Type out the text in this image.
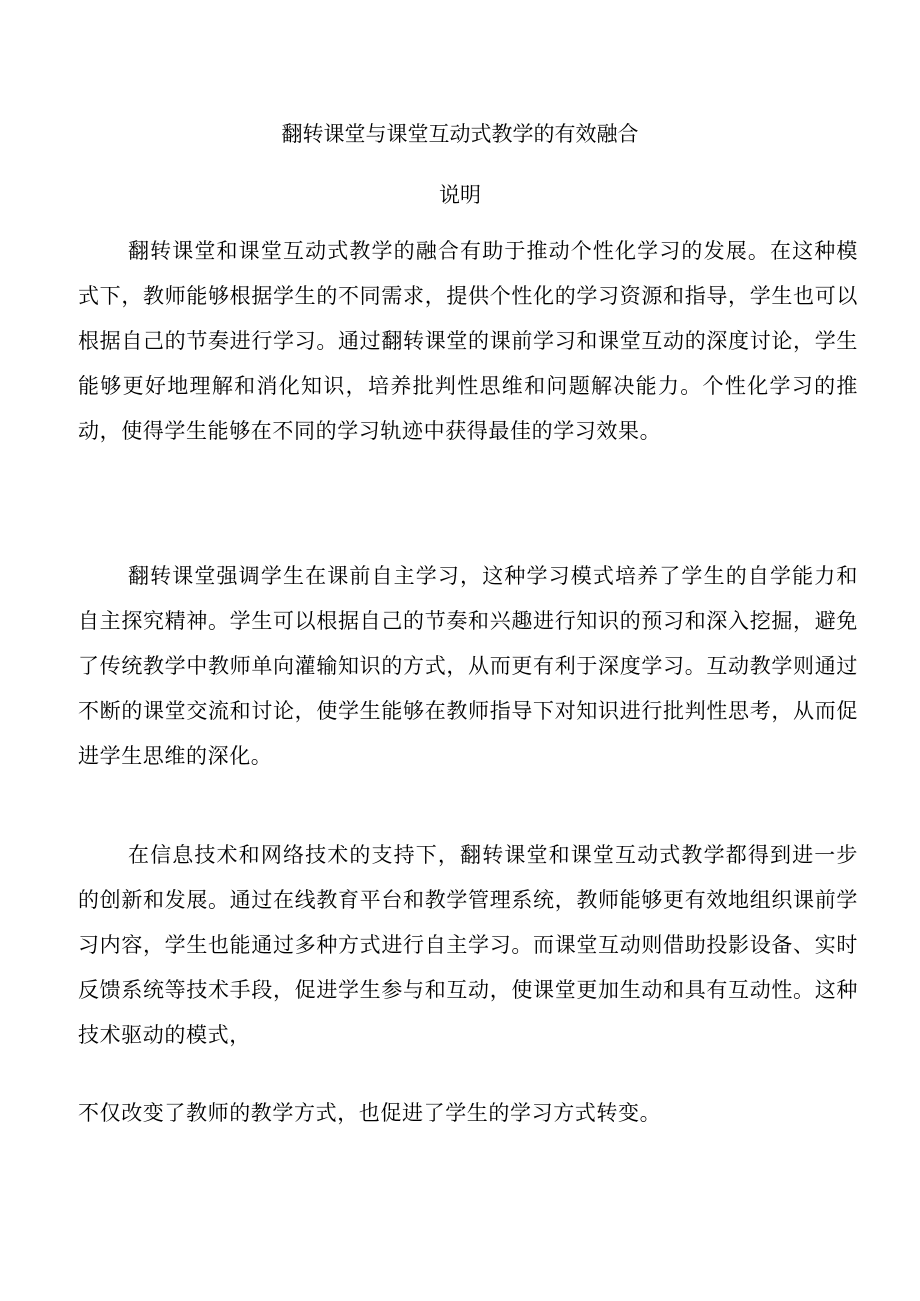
翻转课堂与课堂互动式教学的有效融合
说明

翻转课堂和课堂互动式教学的融合有助于推动个性化学习的发展。在这种模式下，教师能够根据学生的不同需求，提供个性化的学习资源和指导，学生也可以根据自己的节奏进行学习。通过翻转课堂的课前学习和课堂互动的深度讨论，学生能够更好地理解和消化知识，培养批判性思维和问题解决能力。个性化学习的推动，使得学生能够在不同的学习轨迹中获得最佳的学习效果。

翻转课堂强调学生在课前自主学习，这种学习模式培养了学生的自学能力和自主探究精神。学生可以根据自己的节奏和兴趣进行知识的预习和深入挖掘，避免了传统教学中教师单向灌输知识的方式，从而更有利于深度学习。互动教学则通过不断的课堂交流和讨论，使学生能够在教师指导下对知识进行批判性思考，从而促进学生思维的深化。

在信息技术和网络技术的支持下，翻转课堂和课堂互动式教学都得到进一步的创新和发展。通过在线教育平台和教学管理系统，教师能够更有效地组织课前学习内容，学生也能通过多种方式进行自主学习。而课堂互动则借助投影设备、实时反馈系统等技术手段，促进学生参与和互动，使课堂更加生动和具有互动性。这种技术驱动的模式，

不仅改变了教师的教学方式，也促进了学生的学习方式转变。
